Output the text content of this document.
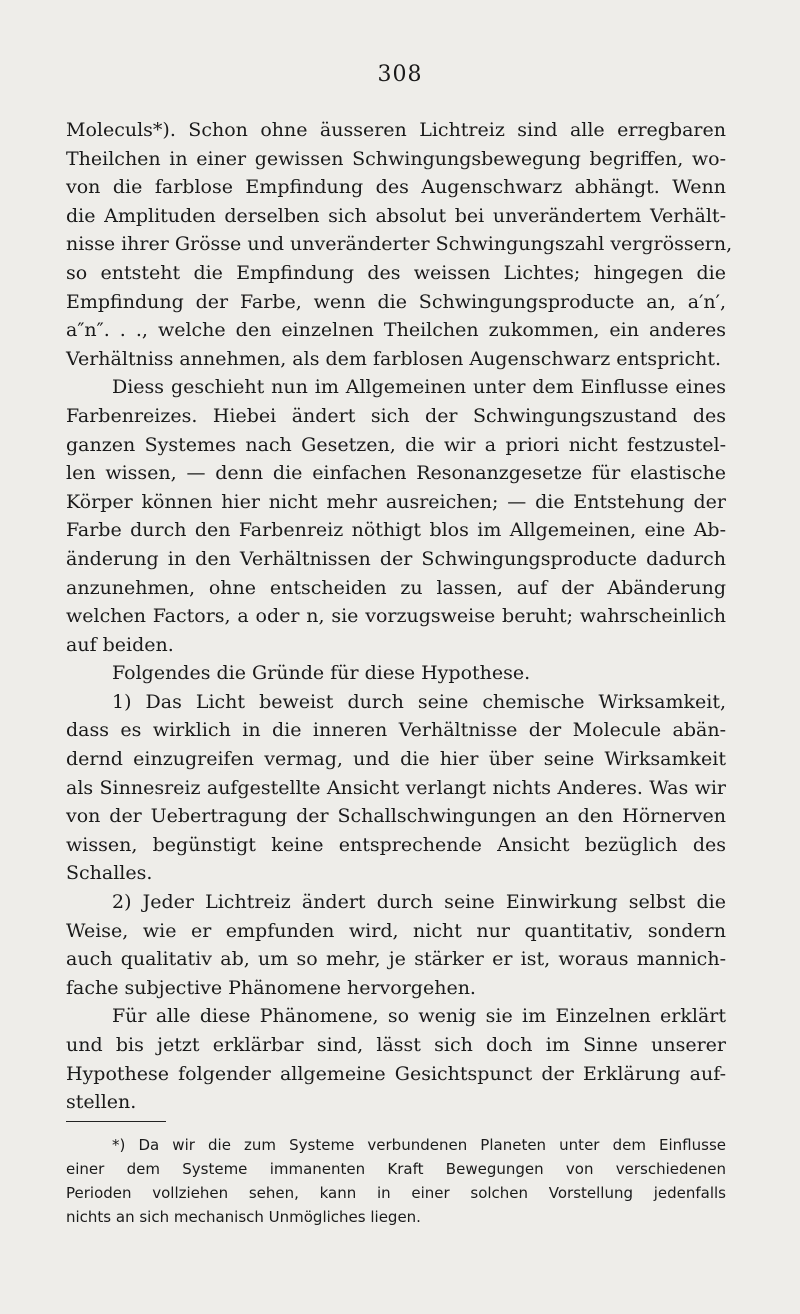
308

Moleculs*). Schon ohne äusseren Lichtreiz sind alle erregbaren
Theilchen in einer gewissen Schwingungsbewegung begriffen, wo-
von die farblose Empfindung des Augenschwarz abhängt. Wenn
die Amplituden derselben sich absolut bei unverändertem Verhält-
nisse ihrer Grösse und unveränderter Schwingungszahl vergrössern,
so entsteht die Empfindung des weissen Lichtes; hingegen die
Empfindung der Farbe, wenn die Schwingungsproducte an, a′n′,
a″n″. . ., welche den einzelnen Theilchen zukommen, ein anderes
Verhältniss annehmen, als dem farblosen Augenschwarz entspricht.

Diess geschieht nun im Allgemeinen unter dem Einflusse eines
Farbenreizes. Hiebei ändert sich der Schwingungszustand des
ganzen Systemes nach Gesetzen, die wir a priori nicht festzustel-
len wissen, — denn die einfachen Resonanzgesetze für elastische
Körper können hier nicht mehr ausreichen; — die Entstehung der
Farbe durch den Farbenreiz nöthigt blos im Allgemeinen, eine Ab-
änderung in den Verhältnissen der Schwingungsproducte dadurch
anzunehmen, ohne entscheiden zu lassen, auf der Abänderung
welchen Factors, a oder n, sie vorzugsweise beruht; wahrscheinlich
auf beiden.

Folgendes die Gründe für diese Hypothese.

1) Das Licht beweist durch seine chemische Wirksamkeit,
dass es wirklich in die inneren Verhältnisse der Molecule abän-
dernd einzugreifen vermag, und die hier über seine Wirksamkeit
als Sinnesreiz aufgestellte Ansicht verlangt nichts Anderes. Was wir
von der Uebertragung der Schallschwingungen an den Hörnerven
wissen, begünstigt keine entsprechende Ansicht bezüglich des
Schalles.

2) Jeder Lichtreiz ändert durch seine Einwirkung selbst die
Weise, wie er empfunden wird, nicht nur quantitativ, sondern
auch qualitativ ab, um so mehr, je stärker er ist, woraus mannich-
fache subjective Phänomene hervorgehen.

Für alle diese Phänomene, so wenig sie im Einzelnen erklärt
und bis jetzt erklärbar sind, lässt sich doch im Sinne unserer
Hypothese folgender allgemeine Gesichtspunct der Erklärung auf-
stellen.

*) Da wir die zum Systeme verbundenen Planeten unter dem Einflusse
einer dem Systeme immanenten Kraft Bewegungen von verschiedenen
Perioden vollziehen sehen, kann in einer solchen Vorstellung jedenfalls
nichts an sich mechanisch Unmögliches liegen.
